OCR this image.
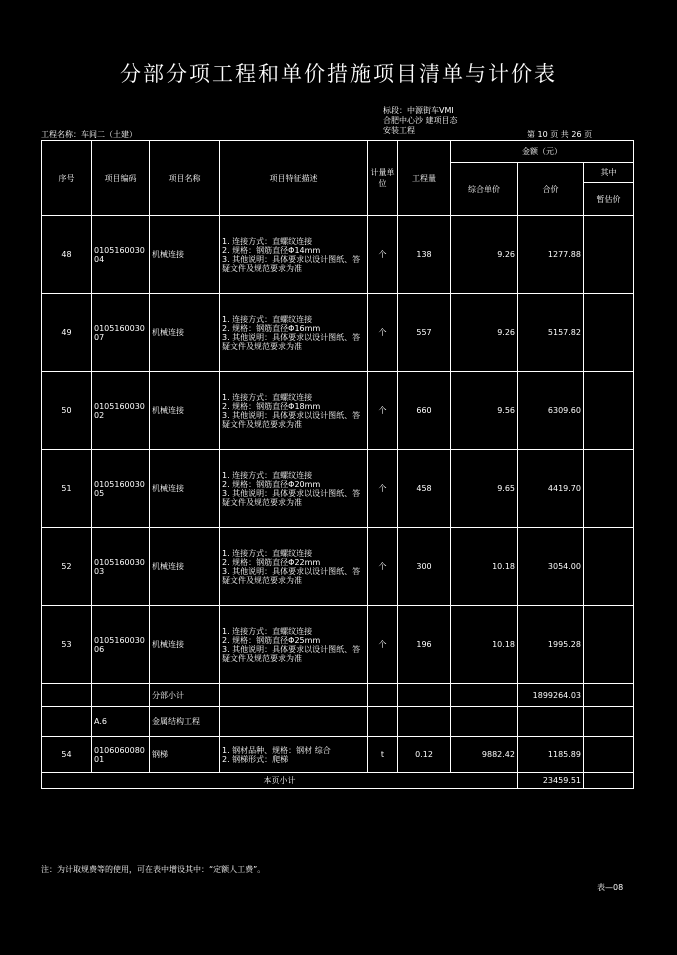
分部分项工程和单价措施项目清单与计价表
标段：中源街车VMI
合肥中心沙 建项目态
安装工程
工程名称：车间二（土建）	第 10 页 共 26 页
序号	项目编码	项目名称	项目特征描述	计量单位	工程量	金额（元）		
						综合单价	合价	其中
								暂估价
48	010516003004	机械连接	1. 连接方式：直螺纹连接
2. 规格：钢筋直径Φ14mm
3. 其他说明：具体要求以设计图纸、答疑文件及规范要求为准	个	138	9.26	1277.88	
49	010516003007	机械连接	1. 连接方式：直螺纹连接
2. 规格：钢筋直径Φ16mm
3. 其他说明：具体要求以设计图纸、答疑文件及规范要求为准	个	557	9.26	5157.82	
50	010516003002	机械连接	1. 连接方式：直螺纹连接
2. 规格：钢筋直径Φ18mm
3. 其他说明：具体要求以设计图纸、答疑文件及规范要求为准	个	660	9.56	6309.60	
51	010516003005	机械连接	1. 连接方式：直螺纹连接
2. 规格：钢筋直径Φ20mm
3. 其他说明：具体要求以设计图纸、答疑文件及规范要求为准	个	458	9.65	4419.70	
52	010516003003	机械连接	1. 连接方式：直螺纹连接
2. 规格：钢筋直径Φ22mm
3. 其他说明：具体要求以设计图纸、答疑文件及规范要求为准	个	300	10.18	3054.00	
53	010516003006	机械连接	1. 连接方式：直螺纹连接
2. 规格：钢筋直径Φ25mm
3. 其他说明：具体要求以设计图纸、答疑文件及规范要求为准	个	196	10.18	1995.28	
		分部小计					1899264.03	
	A.6	金属结构工程						
54	010606008001	钢梯	1. 钢材品种、规格：钢材 综合
2. 钢梯形式：爬梯	t	0.12	9882.42	1185.89	
本页小计							23459.51	
注：为计取规费等的使用，可在表中增设其中：“定额人工费”。
表—08
